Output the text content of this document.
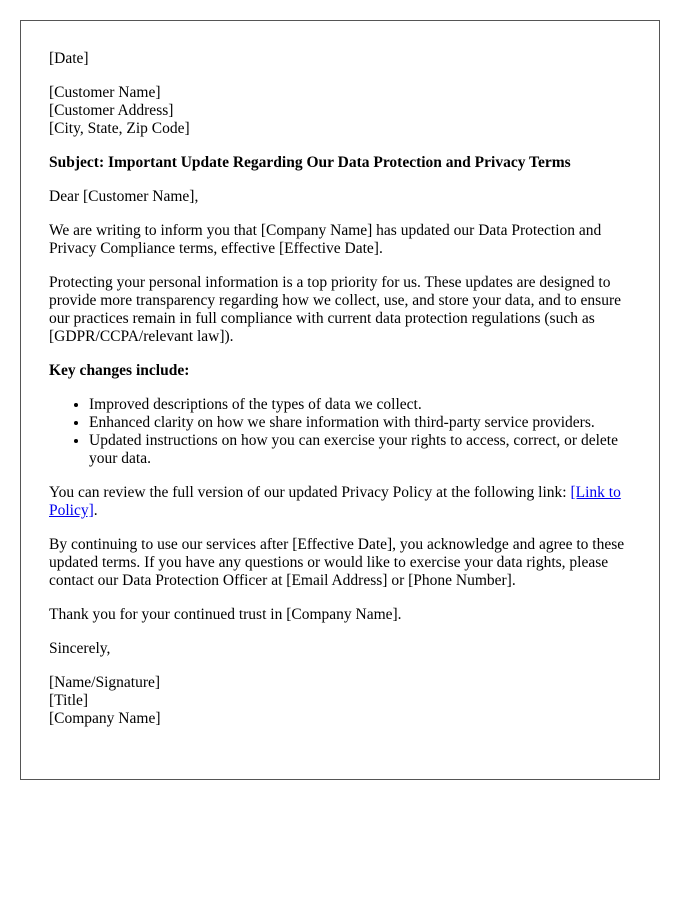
[Date]

[Customer Name]
[Customer Address]
[City, State, Zip Code]

Subject: Important Update Regarding Our Data Protection and Privacy Terms

Dear [Customer Name],

We are writing to inform you that [Company Name] has updated our Data Protection and Privacy Compliance terms, effective [Effective Date].

Protecting your personal information is a top priority for us. These updates are designed to provide more transparency regarding how we collect, use, and store your data, and to ensure our practices remain in full compliance with current data protection regulations (such as [GDPR/CCPA/relevant law]).

Key changes include:

• Improved descriptions of the types of data we collect.
• Enhanced clarity on how we share information with third-party service providers.
• Updated instructions on how you can exercise your rights to access, correct, or delete your data.

You can review the full version of our updated Privacy Policy at the following link: [Link to Policy].

By continuing to use our services after [Effective Date], you acknowledge and agree to these updated terms. If you have any questions or would like to exercise your data rights, please contact our Data Protection Officer at [Email Address] or [Phone Number].

Thank you for your continued trust in [Company Name].

Sincerely,

[Name/Signature]
[Title]
[Company Name]
